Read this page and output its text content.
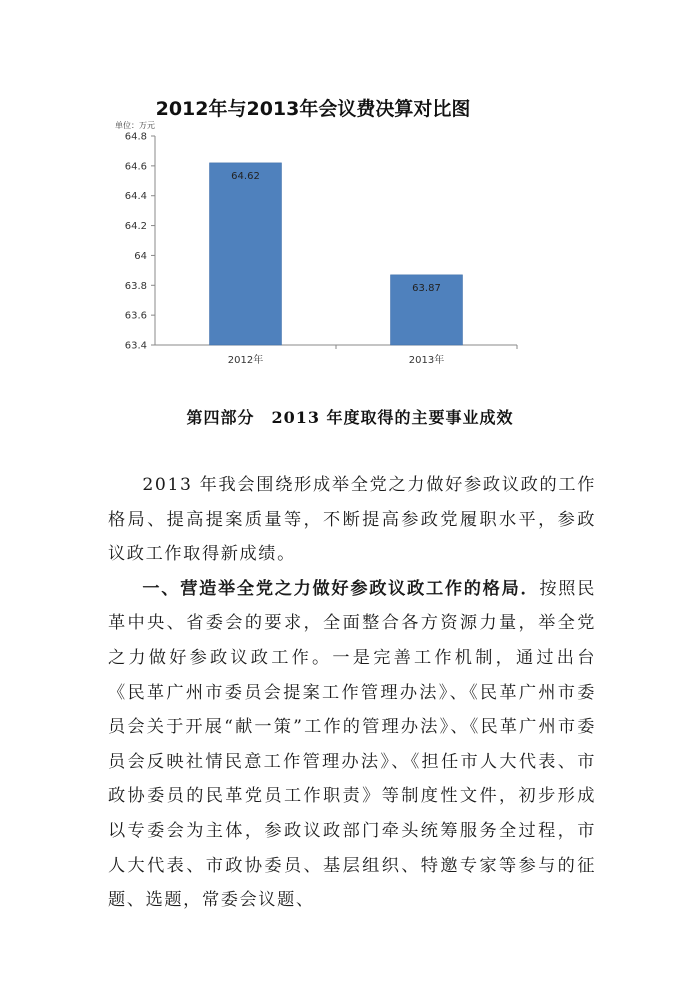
63.4
63.6
63.8
64
64.2
64.4
64.6
64.8
64.62
2012年
63.87
2013年
2012年与2013年会议费决算对比图
单位：万元
第四部分　2013 年度取得的主要事业成效

2013 年我会围绕形成举全党之力做好参政议政的工作格局、提高提案质量等，不断提高参政党履职水平，参政议政工作取得新成绩。

一、营造举全党之力做好参政议政工作的格局．按照民革中央、省委会的要求，全面整合各方资源力量，举全党之力做好参政议政工作。一是完善工作机制，通过出台《民革广州市委员会提案工作管理办法》、《民革广州市委员会关于开展“献一策”工作的管理办法》、《民革广州市委员会反映社情民意工作管理办法》、《担任市人大代表、市政协委员的民革党员工作职责》等制度性文件，初步形成以专委会为主体，参政议政部门牵头统筹服务全过程，市人大代表、市政协委员、基层组织、特邀专家等参与的征题、选题，常委会议题、
